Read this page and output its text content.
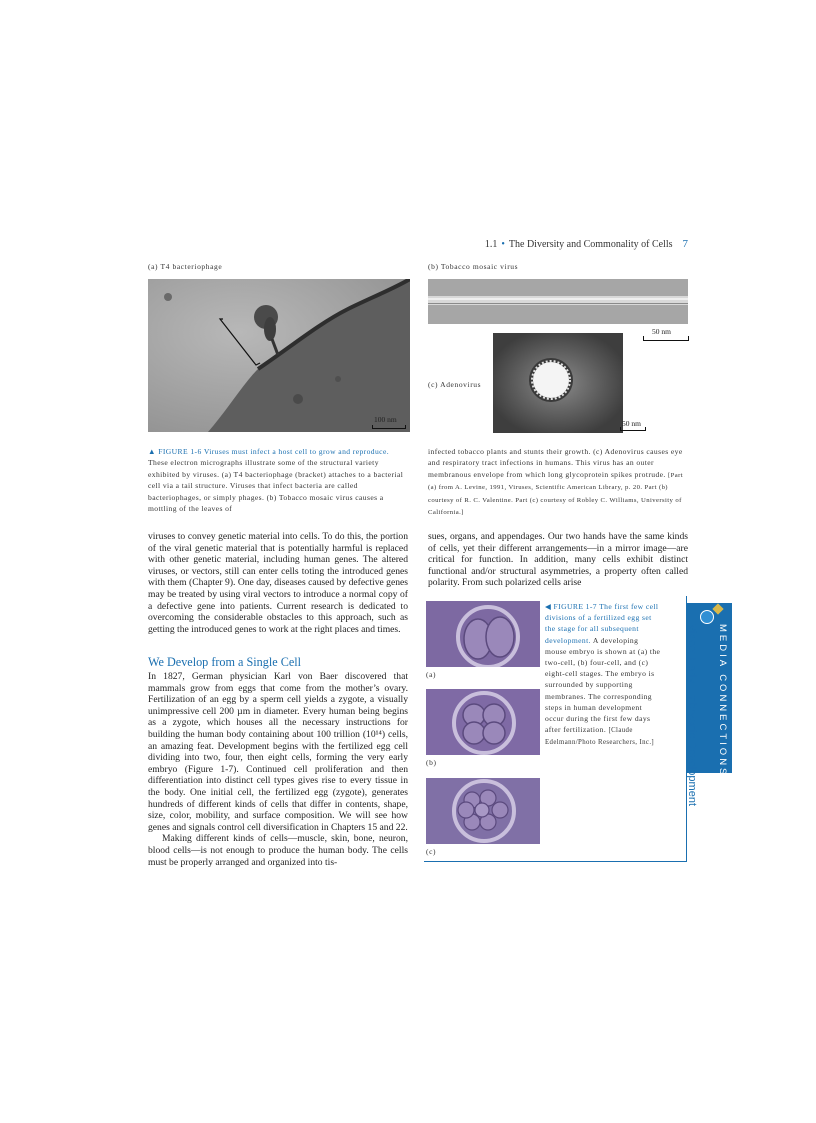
1.1 • The Diversity and Commonality of Cells 7
(a) T4 bacteriophage	(b) Tobacco mosaic virus
100 nm
50 nm
(c) Adenovirus
50 nm
▲ FIGURE 1-6 Viruses must infect a host cell to grow and reproduce. These electron micrographs illustrate some of the structural variety exhibited by viruses. (a) T4 bacteriophage (bracket) attaches to a bacterial cell via a tail structure. Viruses that infect bacteria are called bacteriophages, or simply phages. (b) Tobacco mosaic virus causes a mottling of the leaves of
infected tobacco plants and stunts their growth. (c) Adenovirus causes eye and respiratory tract infections in humans. This virus has an outer membranous envelope from which long glycoprotein spikes protrude. [Part (a) from A. Levine, 1991, Viruses, Scientific American Library, p. 20. Part (b) courtesy of R. C. Valentine. Part (c) courtesy of Robley C. Williams, University of California.]

viruses to convey genetic material into cells. To do this, the portion of the viral genetic material that is potentially harmful is replaced with other genetic material, including human genes. The altered viruses, or vectors, still can enter cells toting the introduced genes with them (Chapter 9). One day, diseases caused by defective genes may be treated by using viral vectors to introduce a normal copy of a defective gene into patients. Current research is dedicated to overcoming the considerable obstacles to this approach, such as getting the introduced genes to work at the right places and times.

We Develop from a Single Cell

In 1827, German physician Karl von Baer discovered that mammals grow from eggs that come from the mother’s ovary. Fertilization of an egg by a sperm cell yields a zygote, a visually unimpressive cell 200 µm in diameter. Every human being begins as a zygote, which houses all the necessary instructions for building the human body containing about 100 trillion (10¹⁴) cells, an amazing feat. Development begins with the fertilized egg cell dividing into two, four, then eight cells, forming the very early embryo (Figure 1-7). Continued cell proliferation and then differentiation into distinct cell types gives rise to every tissue in the body. One initial cell, the fertilized egg (zygote), generates hundreds of different kinds of cells that differ in contents, shape, size, color, mobility, and surface composition. We will see how genes and signals control cell diversification in Chapters 15 and 22.

Making different kinds of cells—muscle, skin, bone, neuron, blood cells—is not enough to produce the human body. The cells must be properly arranged and organized into tis-

sues, organs, and appendages. Our two hands have the same kinds of cells, yet their different arrangements—in a mirror image—are critical for function. In addition, many cells exhibit distinct functional and/or structural asymmetries, a property often called polarity. From such polarized cells arise

(a)
(b)
(c)
◀ FIGURE 1-7 The first few cell divisions of a fertilized egg set the stage for all subsequent development. A developing mouse embryo is shown at (a) the two-cell, (b) four-cell, and (c) eight-cell stages. The embryo is surrounded by supporting membranes. The corresponding steps in human development occur during the first few days after fertilization. [Claude Edelmann/Photo Researchers, Inc.]	MEDIA CONNECTIONS
Video: Early Embryonic Development
